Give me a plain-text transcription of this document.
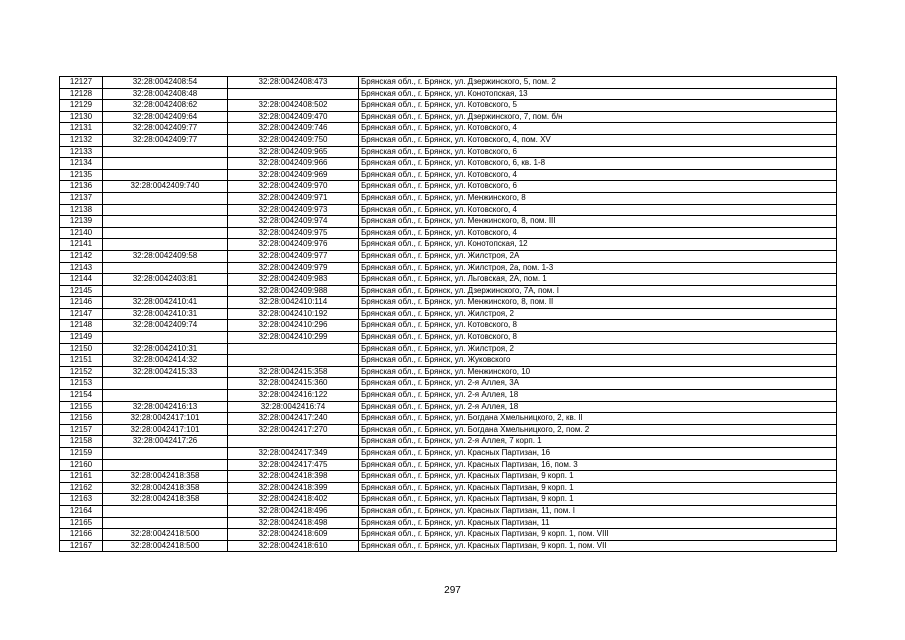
12127	32:28:0042408:54	32:28:0042408:473	Брянская обл., г. Брянск, ул. Дзержинского, 5, пом. 2
12128	32:28:0042408:48		Брянская обл., г. Брянск, ул. Конотопская, 13
12129	32:28:0042408:62	32:28:0042408:502	Брянская обл., г. Брянск, ул. Котовского, 5
12130	32:28:0042409:64	32:28:0042409:470	Брянская обл., г. Брянск, ул. Дзержинского, 7, пом. б/н
12131	32:28:0042409:77	32:28:0042409:746	Брянская обл., г. Брянск, ул. Котовского, 4
12132	32:28:0042409:77	32:28:0042409:750	Брянская обл., г. Брянск, ул. Котовского, 4, пом. XV
12133		32:28:0042409:965	Брянская обл., г. Брянск, ул. Котовского, 6
12134		32:28:0042409:966	Брянская обл., г. Брянск, ул. Котовского, 6, кв. 1-8
12135		32:28:0042409:969	Брянская обл., г. Брянск, ул. Котовского, 4
12136	32:28:0042409:740	32:28:0042409:970	Брянская обл., г. Брянск, ул. Котовского, 6
12137		32:28:0042409:971	Брянская обл., г. Брянск, ул. Менжинского, 8
12138		32:28:0042409:973	Брянская обл., г. Брянск, ул. Котовского, 4
12139		32:28:0042409:974	Брянская обл., г. Брянск, ул. Менжинского, 8, пом. III
12140		32:28:0042409:975	Брянская обл., г. Брянск, ул. Котовского, 4
12141		32:28:0042409:976	Брянская обл., г. Брянск, ул. Конотопская, 12
12142	32:28:0042409:58	32:28:0042409:977	Брянская обл., г. Брянск, ул. Жилстроя, 2А
12143		32:28:0042409:979	Брянская обл., г. Брянск, ул. Жилстроя, 2а, пом. 1-3
12144	32:28:0042403:81	32:28:0042409:983	Брянская обл., г. Брянск, ул. Льговская, 2А, пом. 1
12145		32:28:0042409:988	Брянская обл., г. Брянск, ул. Дзержинского, 7А, пом. I
12146	32:28:0042410:41	32:28:0042410:114	Брянская обл., г. Брянск, ул. Менжинского, 8, пом. II
12147	32:28:0042410:31	32:28:0042410:192	Брянская обл., г. Брянск, ул. Жилстроя, 2
12148	32:28:0042409:74	32:28:0042410:296	Брянская обл., г. Брянск, ул. Котовского, 8
12149		32:28:0042410:299	Брянская обл., г. Брянск, ул. Котовского, 8
12150	32:28:0042410:31		Брянская обл., г. Брянск, ул. Жилстроя, 2
12151	32:28:0042414:32		Брянская обл., г. Брянск, ул. Жуковского
12152	32:28:0042415:33	32:28:0042415:358	Брянская обл., г. Брянск, ул. Менжинского, 10
12153		32:28:0042415:360	Брянская обл., г. Брянск, ул. 2-я Аллея, 3А
12154		32:28:0042416:122	Брянская обл., г. Брянск, ул. 2-я Аллея, 18
12155	32:28:0042416:13	32:28:0042416:74	Брянская обл., г. Брянск, ул. 2-я Аллея, 18
12156	32:28:0042417:101	32:28:0042417:240	Брянская обл., г. Брянск, ул. Богдана Хмельницкого, 2, кв. II
12157	32:28:0042417:101	32:28:0042417:270	Брянская обл., г. Брянск, ул. Богдана Хмельницкого, 2, пом. 2
12158	32:28:0042417:26		Брянская обл., г. Брянск, ул. 2-я Аллея, 7 корп. 1
12159		32:28:0042417:349	Брянская обл., г. Брянск, ул. Красных Партизан, 16
12160		32:28:0042417:475	Брянская обл., г. Брянск, ул. Красных Партизан, 16, пом. 3
12161	32:28:0042418:358	32:28:0042418:398	Брянская обл., г. Брянск, ул. Красных Партизан, 9 корп. 1
12162	32:28:0042418:358	32:28:0042418:399	Брянская обл., г. Брянск, ул. Красных Партизан, 9 корп. 1
12163	32:28:0042418:358	32:28:0042418:402	Брянская обл., г. Брянск, ул. Красных Партизан, 9 корп. 1
12164		32:28:0042418:496	Брянская обл., г. Брянск, ул. Красных Партизан, 11, пом. I
12165		32:28:0042418:498	Брянская обл., г. Брянск, ул. Красных Партизан, 11
12166	32:28:0042418:500	32:28:0042418:609	Брянская обл., г. Брянск, ул. Красных Партизан, 9 корп. 1, пом. VIII
12167	32:28:0042418:500	32:28:0042418:610	Брянская обл., г. Брянск, ул. Красных Партизан, 9 корп. 1, пом. VII
297
